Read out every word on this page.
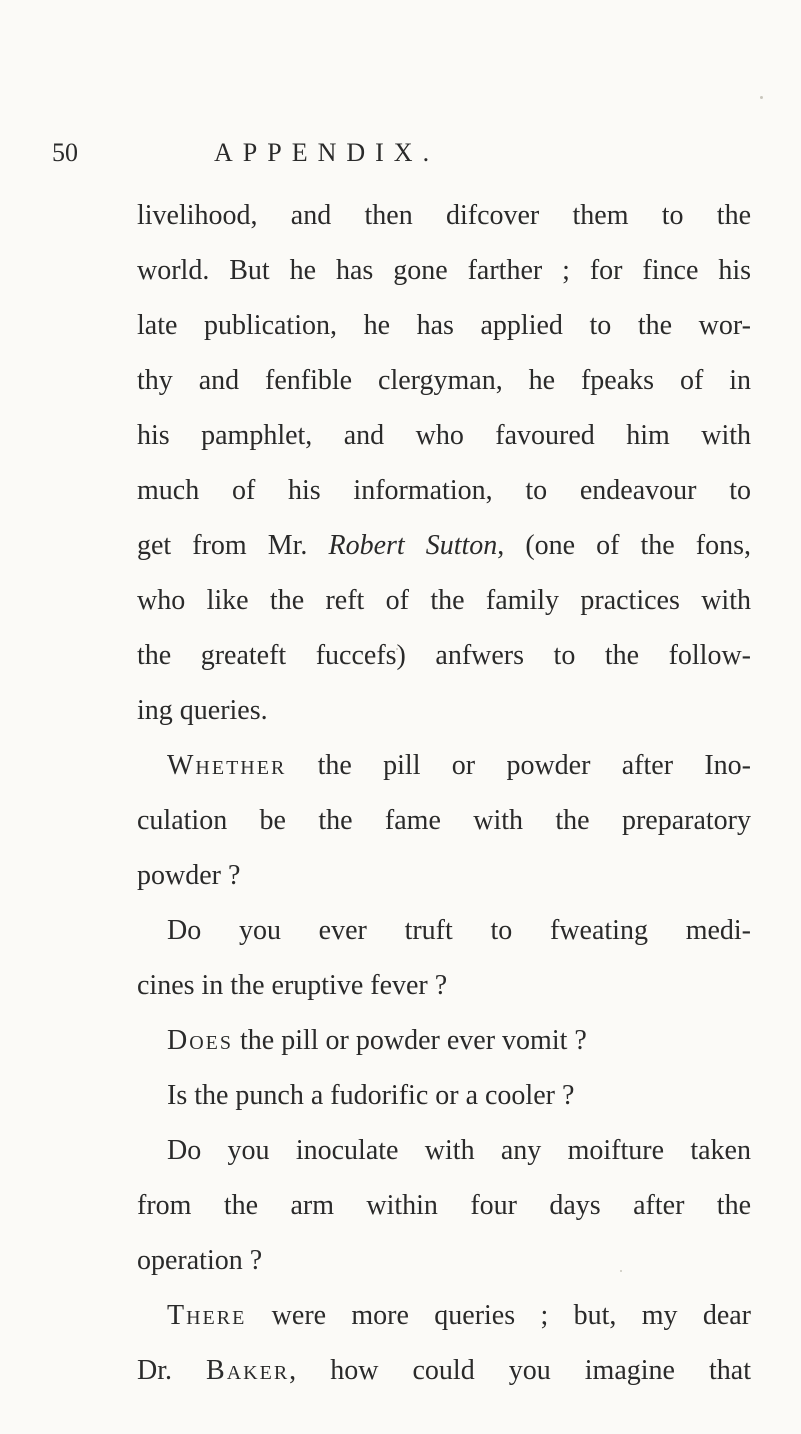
50	APPENDIX.
livelihood, and then difcover them to the
world. But he has gone farther ; for fince his
late publication, he has applied to the wor-
thy and fenfible clergyman, he fpeaks of in
his pamphlet, and who favoured him with
much of his information, to endeavour to
get from Mr. Robert Sutton, (one of the fons,
who like the reft of the family practices with
the greateft fuccefs) anfwers to the follow-
ing queries.
Whether the pill or powder after Ino-
culation be the fame with the preparatory
powder ?
Do you ever truft to fweating medi-
cines in the eruptive fever ?
Does the pill or powder ever vomit ?
Is the punch a fudorific or a cooler ?
Do you inoculate with any moifture taken
from the arm within four days after the
operation ?
There were more queries ; but, my dear
Dr. Baker, how could you imagine that
